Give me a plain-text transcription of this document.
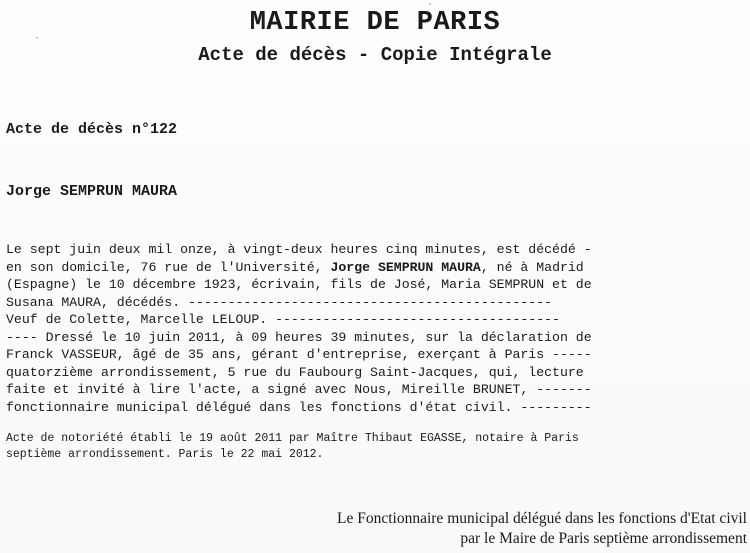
MAIRIE DE PARIS
Acte de décès - Copie Intégrale
Acte de décès n°122
Jorge SEMPRUN MAURA
Le sept juin deux mil onze, à vingt-deux heures cinq minutes, est décédé -
en son domicile, 76 rue de l'Université, Jorge SEMPRUN MAURA, né à Madrid
(Espagne) le 10 décembre 1923, écrivain, fils de José, Maria SEMPRUN et de
Susana MAURA, décédés. ----------------------------------------------
Veuf de Colette, Marcelle LELOUP. ------------------------------------
---- Dressé le 10 juin 2011, à 09 heures 39 minutes, sur la déclaration de
Franck VASSEUR, âgé de 35 ans, gérant d'entreprise, exerçant à Paris -----
quatorzième arrondissement, 5 rue du Faubourg Saint-Jacques, qui, lecture
faite et invité à lire l'acte, a signé avec Nous, Mireille BRUNET, -------
fonctionnaire municipal délégué dans les fonctions d'état civil. ---------
Acte de notoriété établi le 19 août 2011 par Maître Thibaut EGASSE, notaire à Paris
septième arrondissement. Paris le 22 mai 2012.
Le Fonctionnaire municipal délégué dans les fonctions d'Etat civil
par le Maire de Paris septième arrondissement
